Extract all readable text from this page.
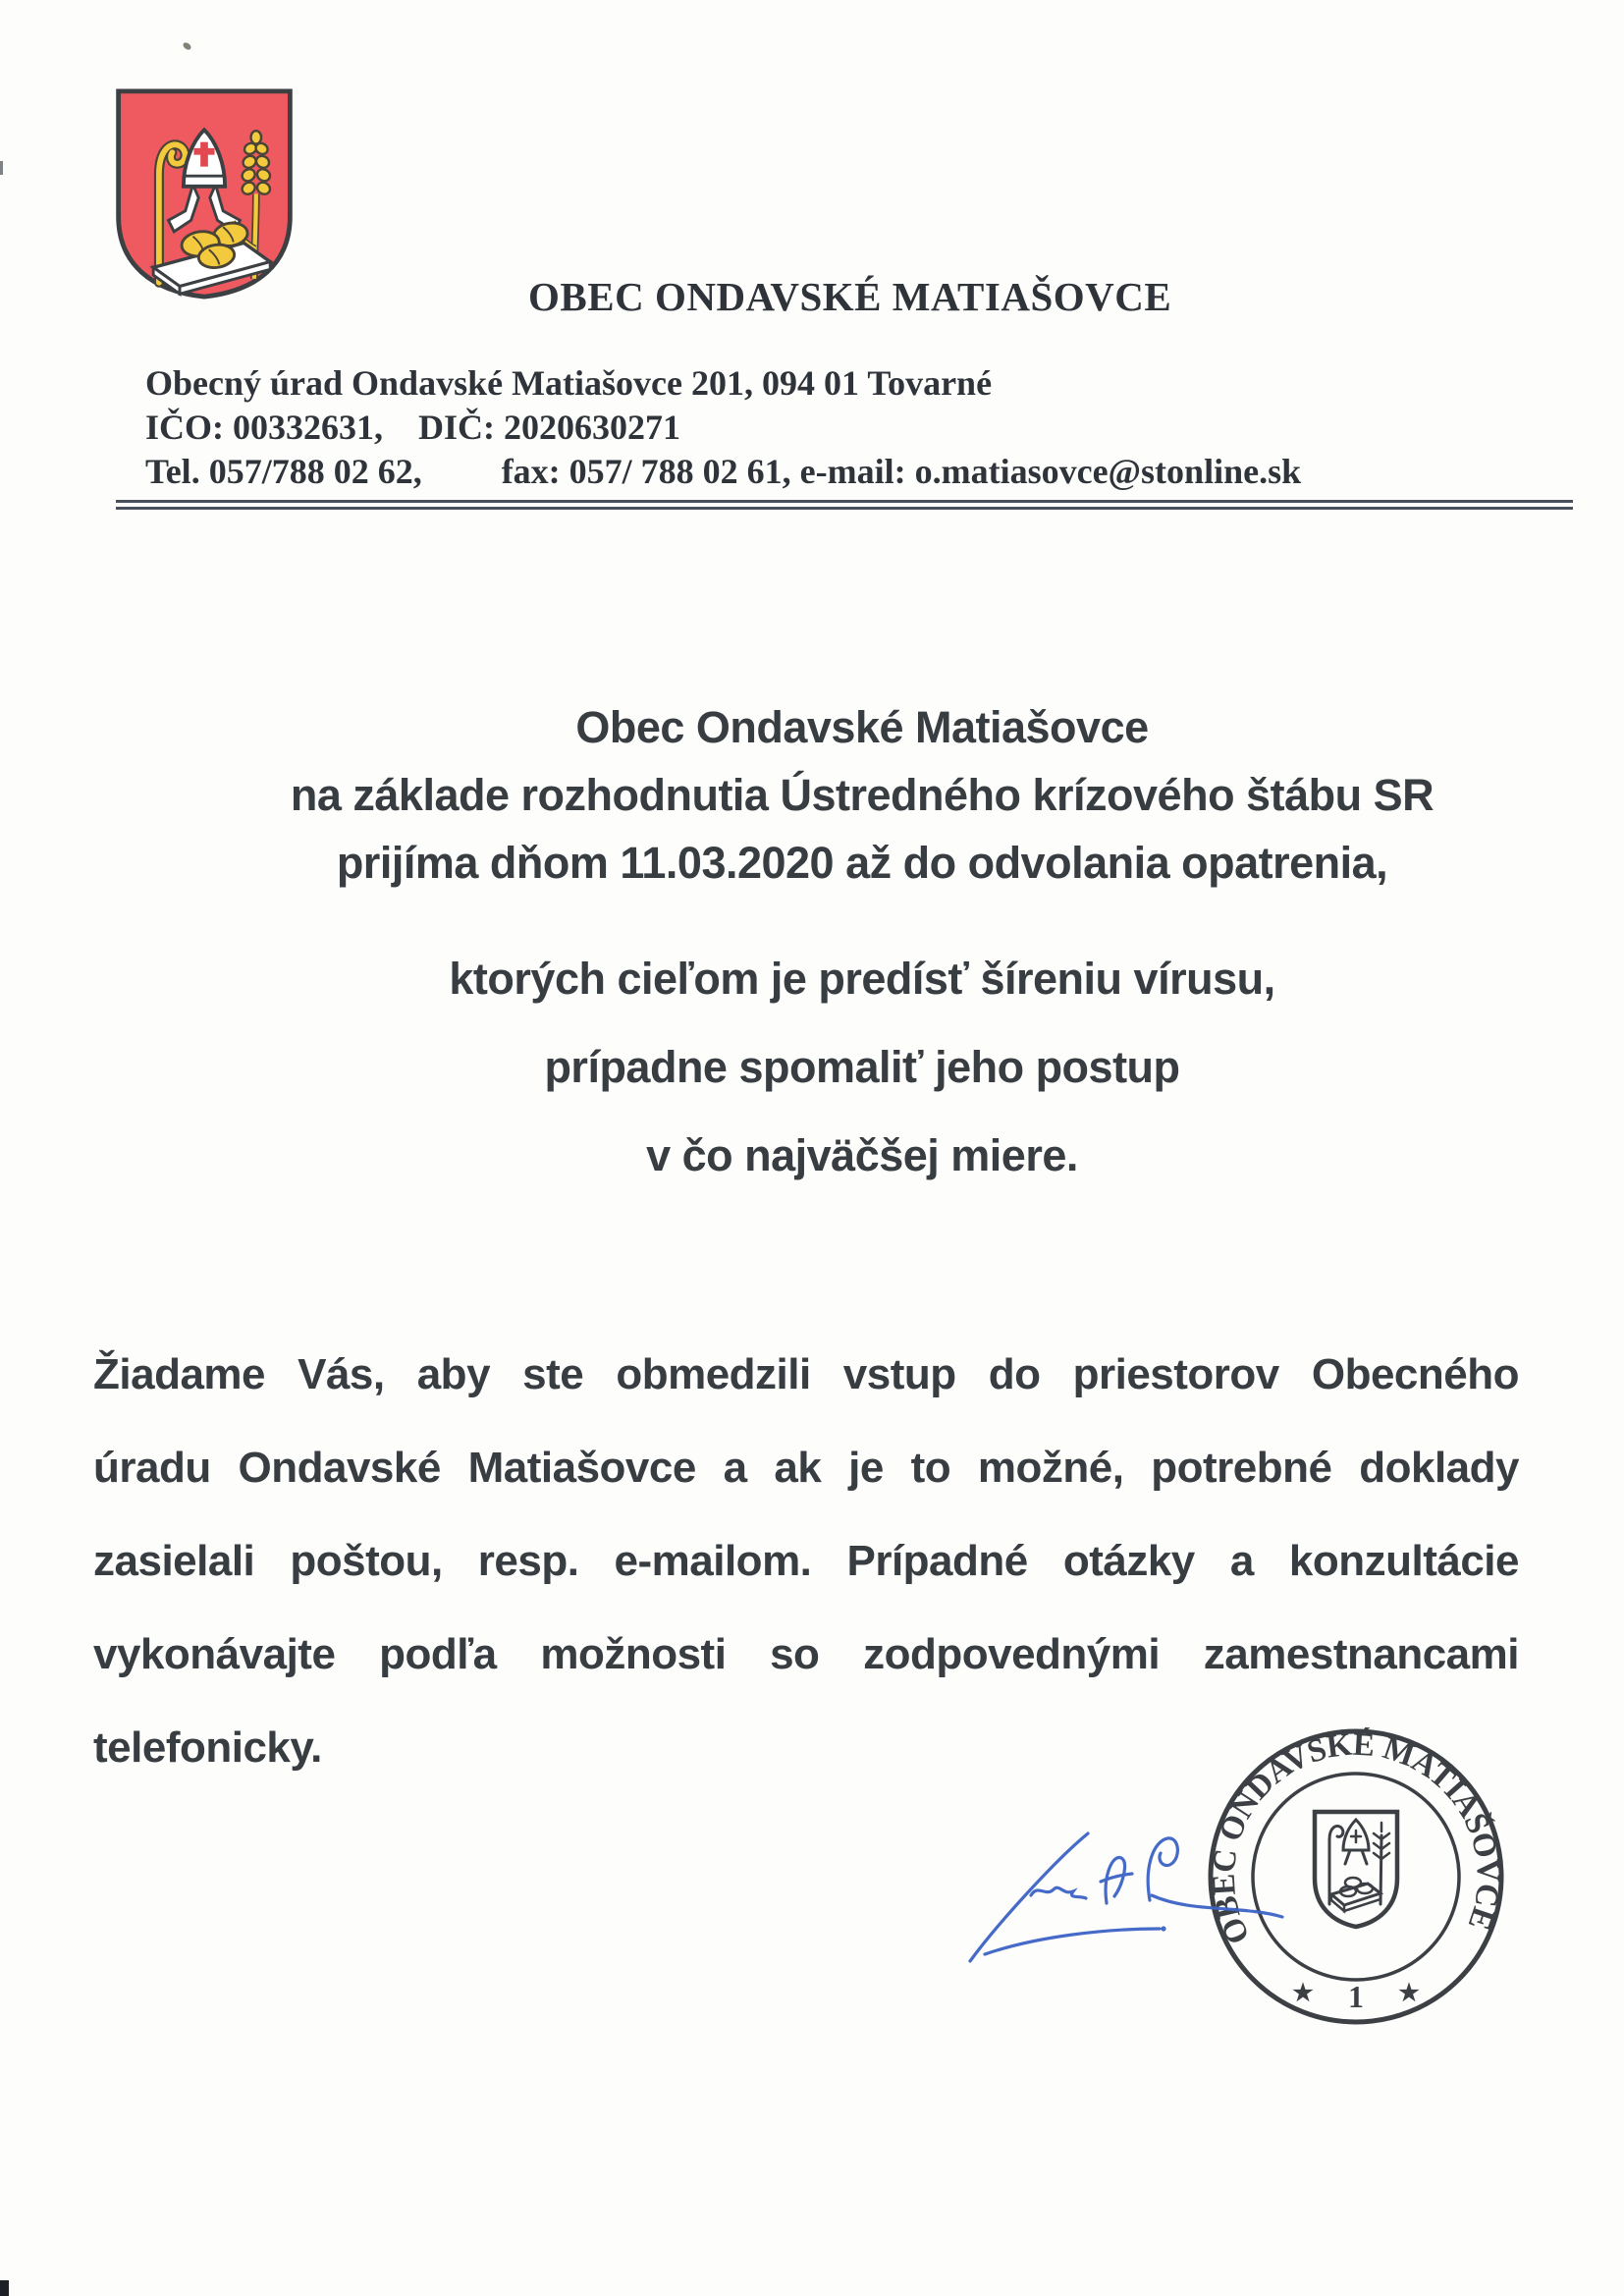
OBEC ONDAVSKÉ MATIAŠOVCE
Obecný úrad Ondavské Matiašovce 201, 094 01 Tovarné
IČO: 00332631,    DIČ: 2020630271
Tel. 057/788 02 62,         fax: 057/ 788 02 61, e-mail: o.matiasovce@stonline.sk
Obec Ondavské Matiašovce
na základe rozhodnutia Ústredného krízového štábu SR
prijíma dňom 11.03.2020 až do odvolania opatrenia,
ktorých cieľom je predísť šíreniu vírusu,
prípadne spomaliť jeho postup
v čo najväčšej miere.
Žiadame Vás, aby ste obmedzili vstup do priestorov Obecného
úradu Ondavské Matiašovce a ak je to možné, potrebné doklady
zasielali poštou, resp. e-mailom. Prípadné otázky a konzultácie
vykonávajte podľa možnosti so zodpovednými zamestnancami
telefonicky.
OBEC ONDAVSKÉ MATIAŠOVCE
★	★
1
